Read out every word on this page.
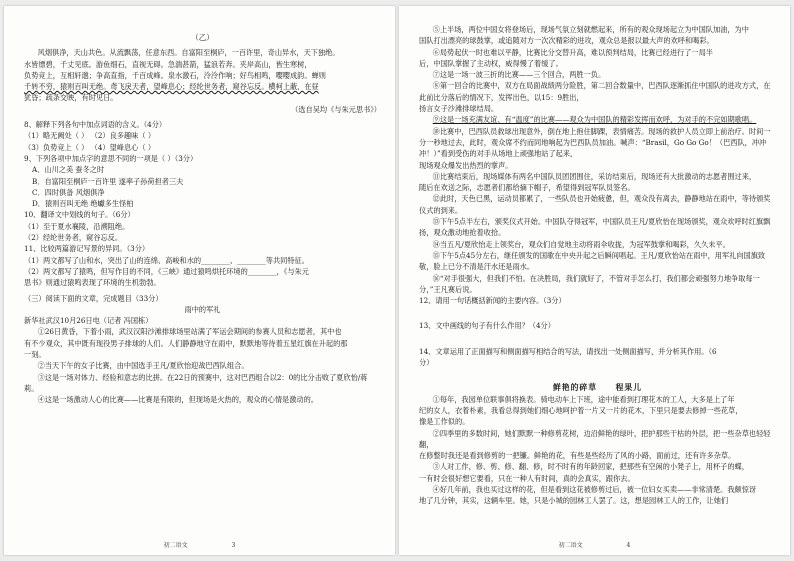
（乙）

风烟俱净，天山共色。从流飘荡，任意东西。自富阳至桐庐，一百许里，奇山异水，天下独绝。

水皆缥碧，千丈见底。游鱼细石，直视无碍。急湍甚箭，猛浪若奔。夹岸高山，皆生寒树，

负势竞上，互相轩邈；争高直指，千百成峰。泉水激石，泠泠作响；好鸟相鸣，嘤嘤成韵。蝉则

千转不穷，猿则百叫无绝。鸢飞戾天者，望峰息心；经纶世务者，窥谷忘反。横柯上蔽，在昼

犹昏；疏条交映，有时见日。

（选自吴均《与朱元思书》）

8、解释下列各句中加点词语的含义。（4分）

（1）略无阙处（ ） （2）良多趣味（ ）

（3）负势竞上（ ） （4）望峰息心（ ）

9、下列各项中加点字的意思不同的一项是（ ）（3分）

A．山川之美 蚕冬之时

B．自富阳至桐庐一百许里 遂率子孙荷担者三夫

C．四时俱备 风烟俱净

D．猿则百叫无绝 绝巘多生怪柏

10、翻译文中划线的句子。（6分）

（1）至于夏水襄陵，沿溯阻绝。

（2）经纶世务者，窥谷忘反。

11、比较两篇游记写景的异同。（3分）

（1）两文都写了山和水，突出了山的连绵、高峻和水的________、________等共同特征。

（2）两文都写了猿鸣，但写作目的不同，《三峡》通过猿鸣烘托环境的________，《与朱元

思书》则通过猿鸣表现了环境的生机勃勃。

（三）阅读下面的文章，完成题目（33分）

雨中的军礼

新华社武汉10月26日电（记者 冯国栋）

①26日黄昏，下着小雨，武汉汉阳沙滩排球场里站满了军运会期间的参赛人员和志愿者，其中也

有不少观众，其中既有现役男子排球的人们。人们静静地守在雨中，默默地等待着五星红旗在升起的那

一刻。

②当天下午的女子比赛，由中国选手王凡/夏欣怡迎战巴西队组合。

③这是一场对体力、经验和意志的比拼。在22日的预赛中，这对巴西组合以2：0的比分击败了夏欣怡/蒋莉。

④这是一场激动人心的比赛——比赛是有限的，但现场是火热的，观众的心情是激动的。

初二语文	3

⑤上半场，两位中国女将登场后，现场气氛立刻就燃起来，所有的观众现场起立为中国队加油，为中

国队打出漂亮的球鼓掌，或追随对方一次次精彩的进攻，观众总是报以最大声的欢呼和喝彩。

⑥局势起伏一时也难以平静，比赛比分交替升高，难以预判结局，比赛已经进行了一局半

后，中国队掌握了主动权，威得慢了着缓了。

⑦这是一场一波三折的比赛——三个回合，两胜一负。

⑧第一回合的比赛中，双方在局面战绩两分险胜，第二回合数量中，巴西队逐渐抓住中国队的进攻方式，在此前比分落后的情况下，发挥出色，以15：9胜出，

扬言女子沙滩排球结局。

⑨这是一场充满友谊、有“温度”的比赛——观众为中国队的精彩发挥而欢呼，为对手的不完如期歌唱。

⑩比赛中，巴西队员救球出现意外，倒在地上抱住脚踝，表情痛苦。现场的救护人员立即上前治疗。时间一分一秒地过去，此时，观众席不约而同地响起为巴西队员加油。喊声：“Brasil，Go Go Go！（巴西队，冲冲冲！）”看到受伤的对手从场地上顽强地站了起来，

现场观众爆发出热烈的掌声。

⑪比赛结束后，现场媒体有两名中国队员团团围住，采访结束后，现场还有大批激动的志愿者围过来，

随后在欢送之际，志愿者们都给摘下帽子，希望得到冠军队员签名。

⑫此时，天色已黑，运动员都累了，一些队员也开始疲惫，但，观众没有离去，静静地站在雨中，等待颁奖仪式的到来。

⑬下午5点半左右，颁奖仪式开始。中国队夺得冠军，中国队员王凡/夏欣怡在现场颁奖，观众欢呼时红旗飘扬，观众激动地抢着收拾。

⑭当五凡/夏欣怡走上领奖台，观众们自觉地主动将雨伞收拢，为冠军鼓掌和喝彩，久久未平。

⑮下午5点45分左右，继任颁发的国歌在中央升起之后瞬间唱起。王凡/夏欣怡站在雨中，用军礼向国旗致敬，脸上已分不清是汗水还是雨水。

⑯“对手很强大，但我们不怕。在决胜局，我们就好了，不管对手怎么打，我们都会顽强努力地争取每一分，”王凡赛后说。

12、请用一句话概括新闻的主要内容。（3分）

13、文中画线的句子有什么作用？（4分）

14、文章运用了正面描写和侧面描写相结合的写法，请找出一处侧面描写，并分析其作用。（6

分）

鲜艳的碎草 程果儿

①每年，我园单位联事俱将换表。骑电动车上下班，途中能看到打理花木的工人，大多是上了年

纪的女人，衣着朴素，我看总得到她们细心地呵护着一片又一片的花木，下里只是要去修掉一些花草，

像是工作似的。

②四季里的多数时间，她们默默一种修剪花树，边沿鲜艳的绿叶，把护那些干枯的外层，把一些杂草也轻轻翻，

在修整时我还是看到修剪的一把镰。鲜艳的花，有些是些经历了风的小路，面前过，还有许多杂草。

③人对工作，修、剪、修、翻、修，时不时有的年龄回家，把那些有空闲的小凳子上，用杯子的蝶，

一有时会很好想它要看，只在一种人有时间，真的会真实，跟你去。

④好几年前，我也买过这样的花，但是看到这花被修剪过后，被一位妇女买卖——非常清楚。我颇惊讶

地了几分钟，其实，这辆车里。她，只是小城的园林工人罢了。这，想是园林工人的工作，让她们

初二语文	4
